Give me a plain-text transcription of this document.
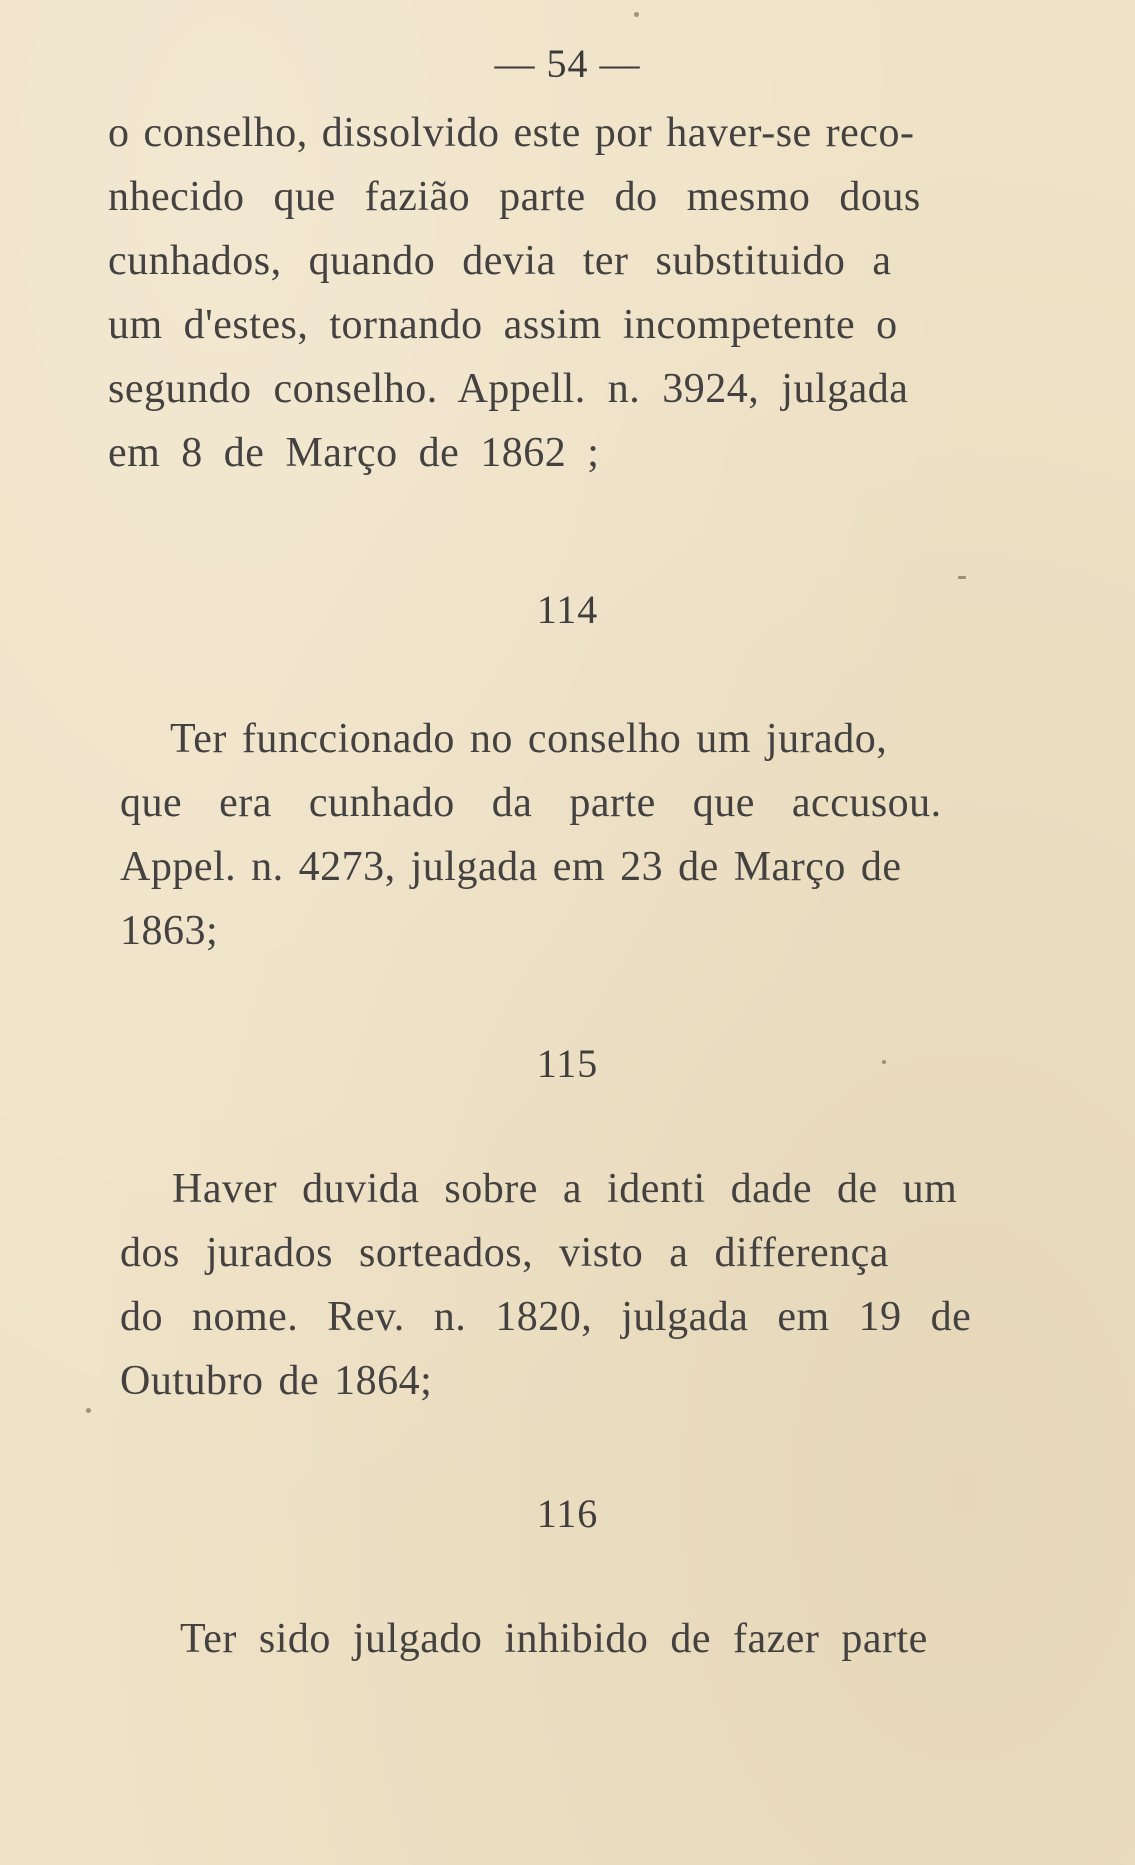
— 54 —
o conselho, dissolvido este por haver-se reco-
nhecido que fazião parte do mesmo dous
cunhados, quando devia ter substituido a
um d'estes, tornando assim incompetente o
segundo conselho. Appell. n. 3924, julgada
em 8 de Março de 1862 ;
114
Ter funccionado no conselho um jurado,
que era cunhado da parte que accusou.
Appel. n. 4273, julgada em 23 de Março de
1863;
115
Haver duvida sobre a identi dade de um
dos jurados sorteados, visto a differença
do nome. Rev. n. 1820, julgada em 19 de
Outubro de 1864;
116
Ter sido julgado inhibido de fazer parte
